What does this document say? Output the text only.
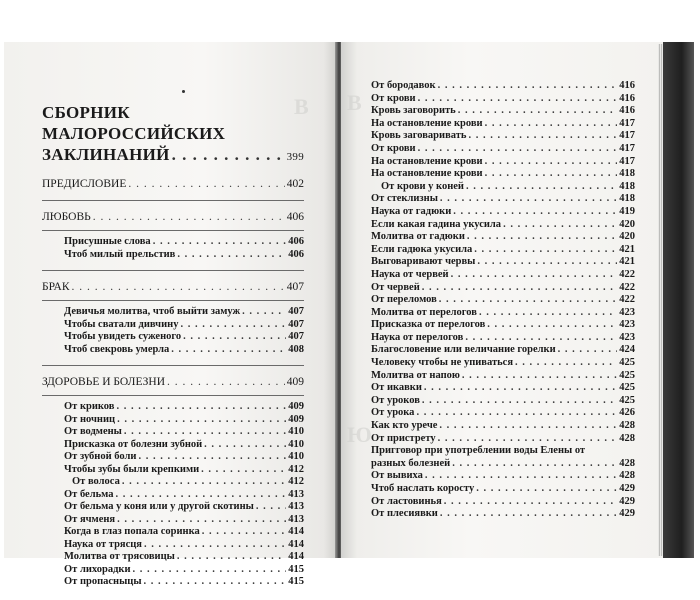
В
СБОРНИК МАЛОРОССИЙСКИХ
ЗАКЛИНАНИЙ . . .	399
ПРЕДИСЛОВИЕ . . .	402
ЛЮБОВЬ . . .	406
Присушные слова . . .	406
Чтоб милый прельстив . . .	406
БРАК . . .	407
Девичья молитва, чтоб выйти замуж . . .	407
Чтобы сватали дивчину . . .	407
Чтобы увидеть суженого . . .	407
Чтоб свекровь умерла . . .	408
ЗДОРОВЬЕ И БОЛЕЗНИ . . .	409
От криков . . .	409
От ночниц . . .	409
От водмены . . .	410
Присказка от болезни зубной . . .	410
От зубной боли . . .	410
Чтобы зубы были крепкими . . .	412
От волоса . . .	412
От бельма . . .	413
От бельма у коня или у другой скотины . . .	413
От ячменя . . .	413
Когда в глаз попала соринка . . .	414
Наука от трясця . . .	414
Молитва от трясовицы . . .	414
От лихорадки . . .	415
От пропасныцы . . .	415
В
Ю
От бородавок . . .	416
От крови . . .	416
Кровь заговорить . . .	416
На остановление крови . . .	417
Кровь заговаривать . . .	417
От крови . . .	417
На остановление крови . . .	417
На остановление крови . . .	418
От крови у коней . . .	418
От стеклизны . . .	418
Наука от гадюки . . .	419
Если какая гадина укусила . . .	420
Молитва от гадюки . . .	420
Если гадюка укусила . . .	421
Выговаривают червы . . .	421
Наука от червей . . .	422
От червей . . .	422
От переломов . . .	422
Молитва от перелогов . . .	423
Присказка от перелогов . . .	423
Наука от перелогов . . .	423
Благословение или величание горелки . . .	424
Человеку чтобы не упиваться . . .	425
Молитва от напою . . .	425
От икавки . . .	425
От уроков . . .	425
От урока . . .	426
Как кто урече . . .	428
От пристрету . . .	428
Пригговор при употреблении воды Елены от
разных болезней . . .	428
От вывиха . . .	428
Чтоб наслать коросту . . .	429
От ластовинья . . .	429
От плесиявки . . .	429
